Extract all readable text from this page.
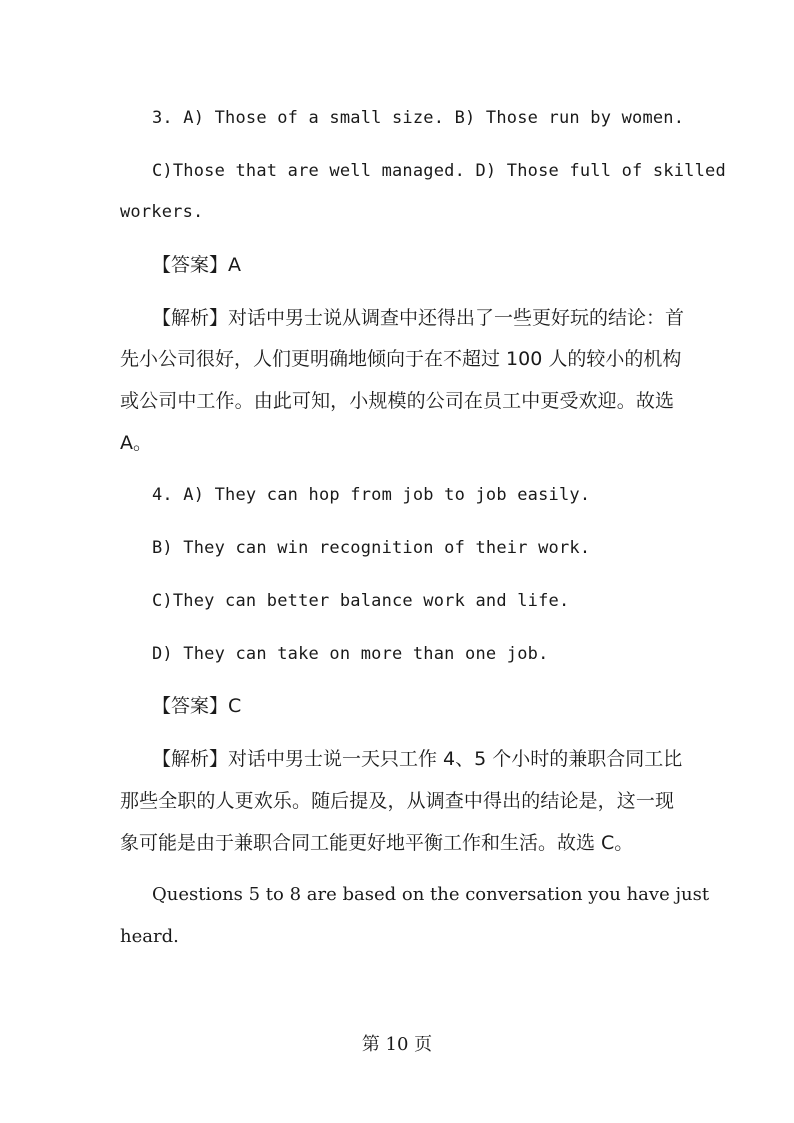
3. A) Those of a small size. B) Those run by women.
C)Those that are well managed. D) Those full of skilled
workers.
【答案】A
【解析】对话中男士说从调查中还得出了一些更好玩的结论：首
先小公司很好，人们更明确地倾向于在不超过 100 人的较小的机构
或公司中工作。由此可知，小规模的公司在员工中更受欢迎。故选
A。
4. A) They can hop from job to job easily.
B) They can win recognition of their work.
C)They can better balance work and life.
D) They can take on more than one job.
【答案】C
【解析】对话中男士说一天只工作 4、5 个小时的兼职合同工比
那些全职的人更欢乐。随后提及，从调查中得出的结论是，这一现
象可能是由于兼职合同工能更好地平衡工作和生活。故选 C。
Questions 5 to 8 are based on the conversation you have just
heard.
第 10 页
